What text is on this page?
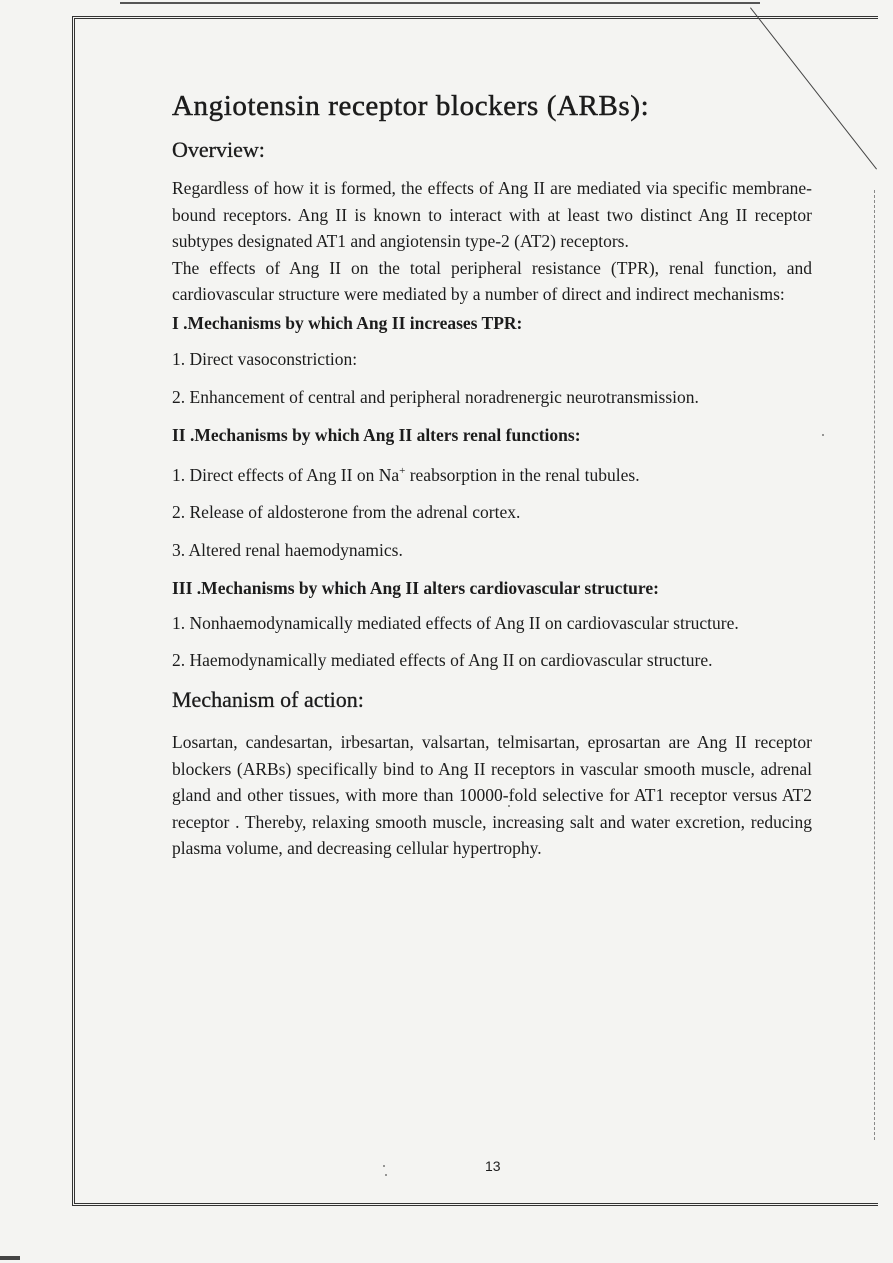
Angiotensin receptor blockers (ARBs):
Overview:

Regardless of how it is formed, the effects of Ang II are mediated via specific membrane-bound receptors. Ang II is known to interact with at least two distinct Ang II receptor subtypes designated AT1 and angiotensin type-2 (AT2) receptors.

The effects of Ang II on the total peripheral resistance (TPR), renal function, and cardiovascular structure were mediated by a number of direct and indirect mechanisms:

I .Mechanisms by which Ang II increases TPR:
1. Direct vasoconstriction:
2. Enhancement of central and peripheral noradrenergic neurotransmission.
II .Mechanisms by which Ang II alters renal functions:
1. Direct effects of Ang II on Na+ reabsorption in the renal tubules.
2. Release of aldosterone from the adrenal cortex.
3. Altered renal haemodynamics.
III .Mechanisms by which Ang II alters cardiovascular structure:
1. Nonhaemodynamically mediated effects of Ang II on cardiovascular structure.
2. Haemodynamically mediated effects of Ang II on cardiovascular structure.
Mechanism of action:

Losartan, candesartan, irbesartan, valsartan, telmisartan, eprosartan are Ang II receptor blockers (ARBs) specifically bind to Ang II receptors in vascular smooth muscle, adrenal gland and other tissues, with more than 10000-fold selective for AT1 receptor versus AT2 receptor . Thereby, relaxing smooth muscle, increasing salt and water excretion, reducing plasma volume, and decreasing cellular hypertrophy.

13
